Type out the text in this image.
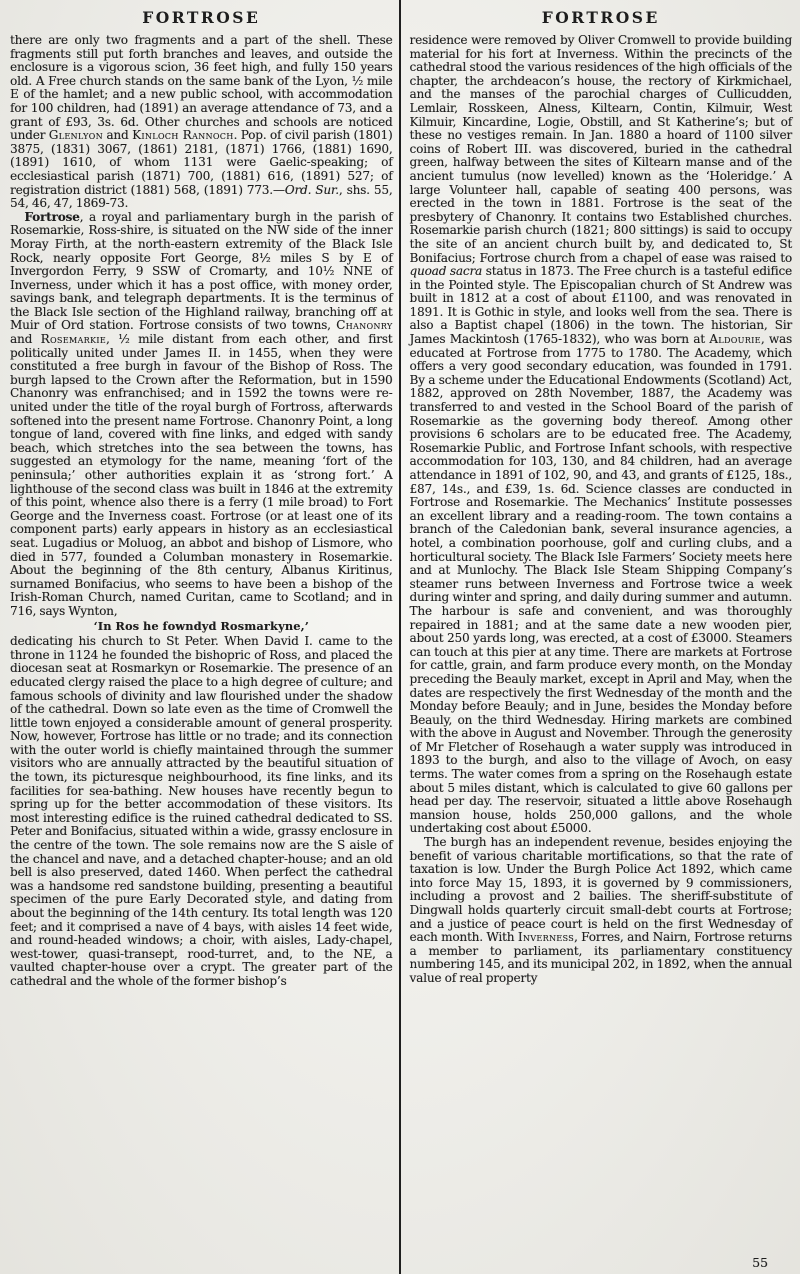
FORTROSE

there are only two fragments and a part of the shell. These fragments still put forth branches and leaves, and outside the enclosure is a vigorous scion, 36 feet high, and fully 150 years old. A Free church stands on the same bank of the Lyon, ½ mile E of the hamlet; and a new public school, with accommodation for 100 children, had (1891) an average attendance of 73, and a grant of £93, 3s. 6d. Other churches and schools are noticed under Glenlyon and Kinloch Rannoch. Pop. of civil parish (1801) 3875, (1831) 3067, (1861) 2181, (1871) 1766, (1881) 1690, (1891) 1610, of whom 1131 were Gaelic-speaking; of ecclesiastical parish (1871) 700, (1881) 616, (1891) 527; of registration district (1881) 568, (1891) 773.—Ord. Sur., shs. 55, 54, 46, 47, 1869-73.

Fortrose, a royal and parliamentary burgh in the parish of Rosemarkie, Ross-shire, is situated on the NW side of the inner Moray Firth, at the north-eastern extremity of the Black Isle Rock, nearly opposite Fort George, 8½ miles S by E of Invergordon Ferry, 9 SSW of Cromarty, and 10½ NNE of Inverness, under which it has a post office, with money order, savings bank, and telegraph departments. It is the terminus of the Black Isle section of the Highland railway, branching off at Muir of Ord station. Fortrose consists of two towns, Chanonry and Rosemarkie, ½ mile distant from each other, and first politically united under James II. in 1455, when they were constituted a free burgh in favour of the Bishop of Ross. The burgh lapsed to the Crown after the Reformation, but in 1590 Chanonry was enfranchised; and in 1592 the towns were re-united under the title of the royal burgh of Fortross, afterwards softened into the present name Fortrose. Chanonry Point, a long tongue of land, covered with fine links, and edged with sandy beach, which stretches into the sea between the towns, has suggested an etymology for the name, meaning ‘fort of the peninsula;’ other authorities explain it as ‘strong fort.’ A lighthouse of the second class was built in 1846 at the extremity of this point, whence also there is a ferry (1 mile broad) to Fort George and the Inverness coast. Fortrose (or at least one of its component parts) early appears in history as an ecclesiastical seat. Lugadius or Moluog, an abbot and bishop of Lismore, who died in 577, founded a Columban monastery in Rosemarkie. About the beginning of the 8th century, Albanus Kiritinus, surnamed Bonifacius, who seems to have been a bishop of the Irish-Roman Church, named Curitan, came to Scotland; and in 716, says Wynton,

‘In Ros he fowndyd Rosmarkyne,’

dedicating his church to St Peter. When David I. came to the throne in 1124 he founded the bishopric of Ross, and placed the diocesan seat at Rosmarkyn or Rosemarkie. The presence of an educated clergy raised the place to a high degree of culture; and famous schools of divinity and law flourished under the shadow of the cathedral. Down so late even as the time of Cromwell the little town enjoyed a considerable amount of general prosperity. Now, however, Fortrose has little or no trade; and its connection with the outer world is chiefly maintained through the summer visitors who are annually attracted by the beautiful situation of the town, its picturesque neighbourhood, its fine links, and its facilities for sea-bathing. New houses have recently begun to spring up for the better accommodation of these visitors. Its most interesting edifice is the ruined cathedral dedicated to SS. Peter and Bonifacius, situated within a wide, grassy enclosure in the centre of the town. The sole remains now are the S aisle of the chancel and nave, and a detached chapter-house; and an old bell is also preserved, dated 1460. When perfect the cathedral was a handsome red sandstone building, presenting a beautiful specimen of the pure Early Decorated style, and dating from about the beginning of the 14th century. Its total length was 120 feet; and it comprised a nave of 4 bays, with aisles 14 feet wide, and round-headed windows; a choir, with aisles, Lady-chapel, west-tower, quasi-transept, rood-turret, and, to the NE, a vaulted chapter-house over a crypt. The greater part of the cathedral and the whole of the former bishop’s

FORTROSE

residence were removed by Oliver Cromwell to provide building material for his fort at Inverness. Within the precincts of the cathedral stood the various residences of the high officials of the chapter, the archdeacon’s house, the rectory of Kirkmichael, and the manses of the parochial charges of Cullicudden, Lemlair, Rosskeen, Alness, Kiltearn, Contin, Kilmuir, West Kilmuir, Kincardine, Logie, Obstill, and St Katherine’s; but of these no vestiges remain. In Jan. 1880 a hoard of 1100 silver coins of Robert III. was discovered, buried in the cathedral green, halfway between the sites of Kiltearn manse and of the ancient tumulus (now levelled) known as the ‘Holeridge.’ A large Volunteer hall, capable of seating 400 persons, was erected in the town in 1881. Fortrose is the seat of the presbytery of Chanonry. It contains two Established churches. Rosemarkie parish church (1821; 800 sittings) is said to occupy the site of an ancient church built by, and dedicated to, St Bonifacius; Fortrose church from a chapel of ease was raised to quoad sacra status in 1873. The Free church is a tasteful edifice in the Pointed style. The Episcopalian church of St Andrew was built in 1812 at a cost of about £1100, and was renovated in 1891. It is Gothic in style, and looks well from the sea. There is also a Baptist chapel (1806) in the town. The historian, Sir James Mackintosh (1765-1832), who was born at Aldourie, was educated at Fortrose from 1775 to 1780. The Academy, which offers a very good secondary education, was founded in 1791. By a scheme under the Educational Endowments (Scotland) Act, 1882, approved on 28th November, 1887, the Academy was transferred to and vested in the School Board of the parish of Rosemarkie as the governing body thereof. Among other provisions 6 scholars are to be educated free. The Academy, Rosemarkie Public, and Fortrose Infant schools, with respective accommodation for 103, 130, and 84 children, had an average attendance in 1891 of 102, 90, and 43, and grants of £125, 18s., £87, 14s., and £39, 1s. 6d. Science classes are conducted in Fortrose and Rosemarkie. The Mechanics’ Institute possesses an excellent library and a reading-room. The town contains a branch of the Caledonian bank, several insurance agencies, a hotel, a combination poorhouse, golf and curling clubs, and a horticultural society. The Black Isle Farmers’ Society meets here and at Munlochy. The Black Isle Steam Shipping Company’s steamer runs between Inverness and Fortrose twice a week during winter and spring, and daily during summer and autumn. The harbour is safe and convenient, and was thoroughly repaired in 1881; and at the same date a new wooden pier, about 250 yards long, was erected, at a cost of £3000. Steamers can touch at this pier at any time. There are markets at Fortrose for cattle, grain, and farm produce every month, on the Monday preceding the Beauly market, except in April and May, when the dates are respectively the first Wednesday of the month and the Monday before Beauly; and in June, besides the Monday before Beauly, on the third Wednesday. Hiring markets are combined with the above in August and November. Through the generosity of Mr Fletcher of Rosehaugh a water supply was introduced in 1893 to the burgh, and also to the village of Avoch, on easy terms. The water comes from a spring on the Rosehaugh estate about 5 miles distant, which is calculated to give 60 gallons per head per day. The reservoir, situated a little above Rosehaugh mansion house, holds 250,000 gallons, and the whole undertaking cost about £5000.

The burgh has an independent revenue, besides enjoying the benefit of various charitable mortifications, so that the rate of taxation is low. Under the Burgh Police Act 1892, which came into force May 15, 1893, it is governed by 9 commissioners, including a provost and 2 bailies. The sheriff-substitute of Dingwall holds quarterly circuit small-debt courts at Fortrose; and a justice of peace court is held on the first Wednesday of each month. With Inverness, Forres, and Nairn, Fortrose returns a member to parliament, its parliamentary constituency numbering 145, and its municipal 202, in 1892, when the annual value of real property

55
